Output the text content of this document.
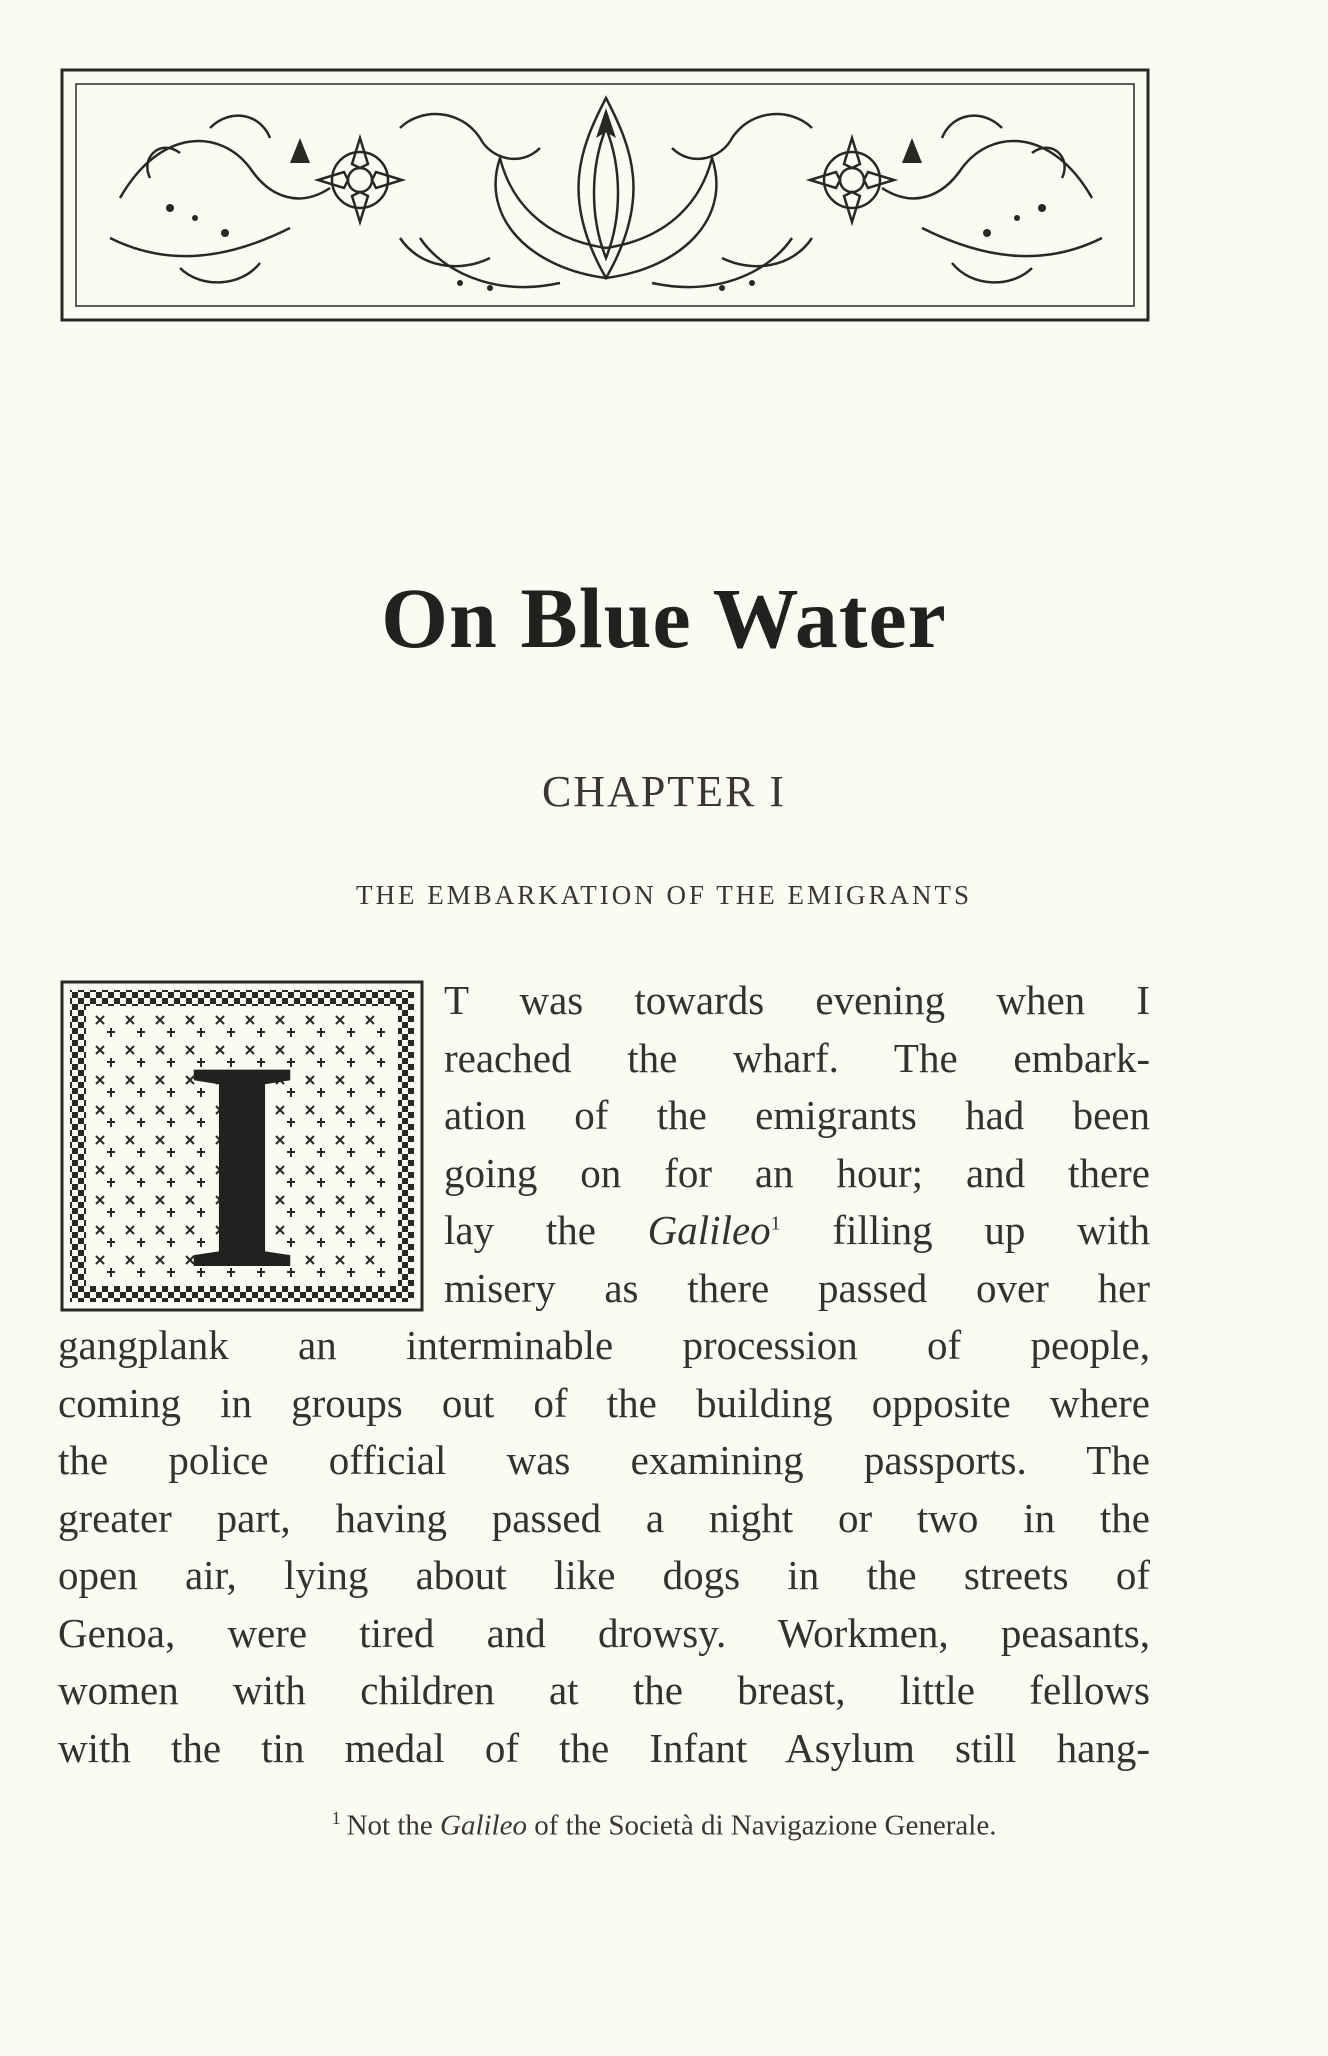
On Blue Water
CHAPTER I
THE EMBARKATION OF THE EMIGRANTS
I	T was towards evening when I
reached the wharf. The embark-
ation of the emigrants had been
going on for an hour; and there
lay the Galileo$^1$ filling up with
misery as there passed over her
gangplank an interminable procession of people,
coming in groups out of the building opposite where
the police official was examining passports. The
greater part, having passed a night or two in the
open air, lying about like dogs in the streets of
Genoa, were tired and drowsy. Workmen, peasants,
women with children at the breast, little fellows
with the tin medal of the Infant Asylum still hang-
$^1$ Not the Galileo of the Società di Navigazione Generale.
